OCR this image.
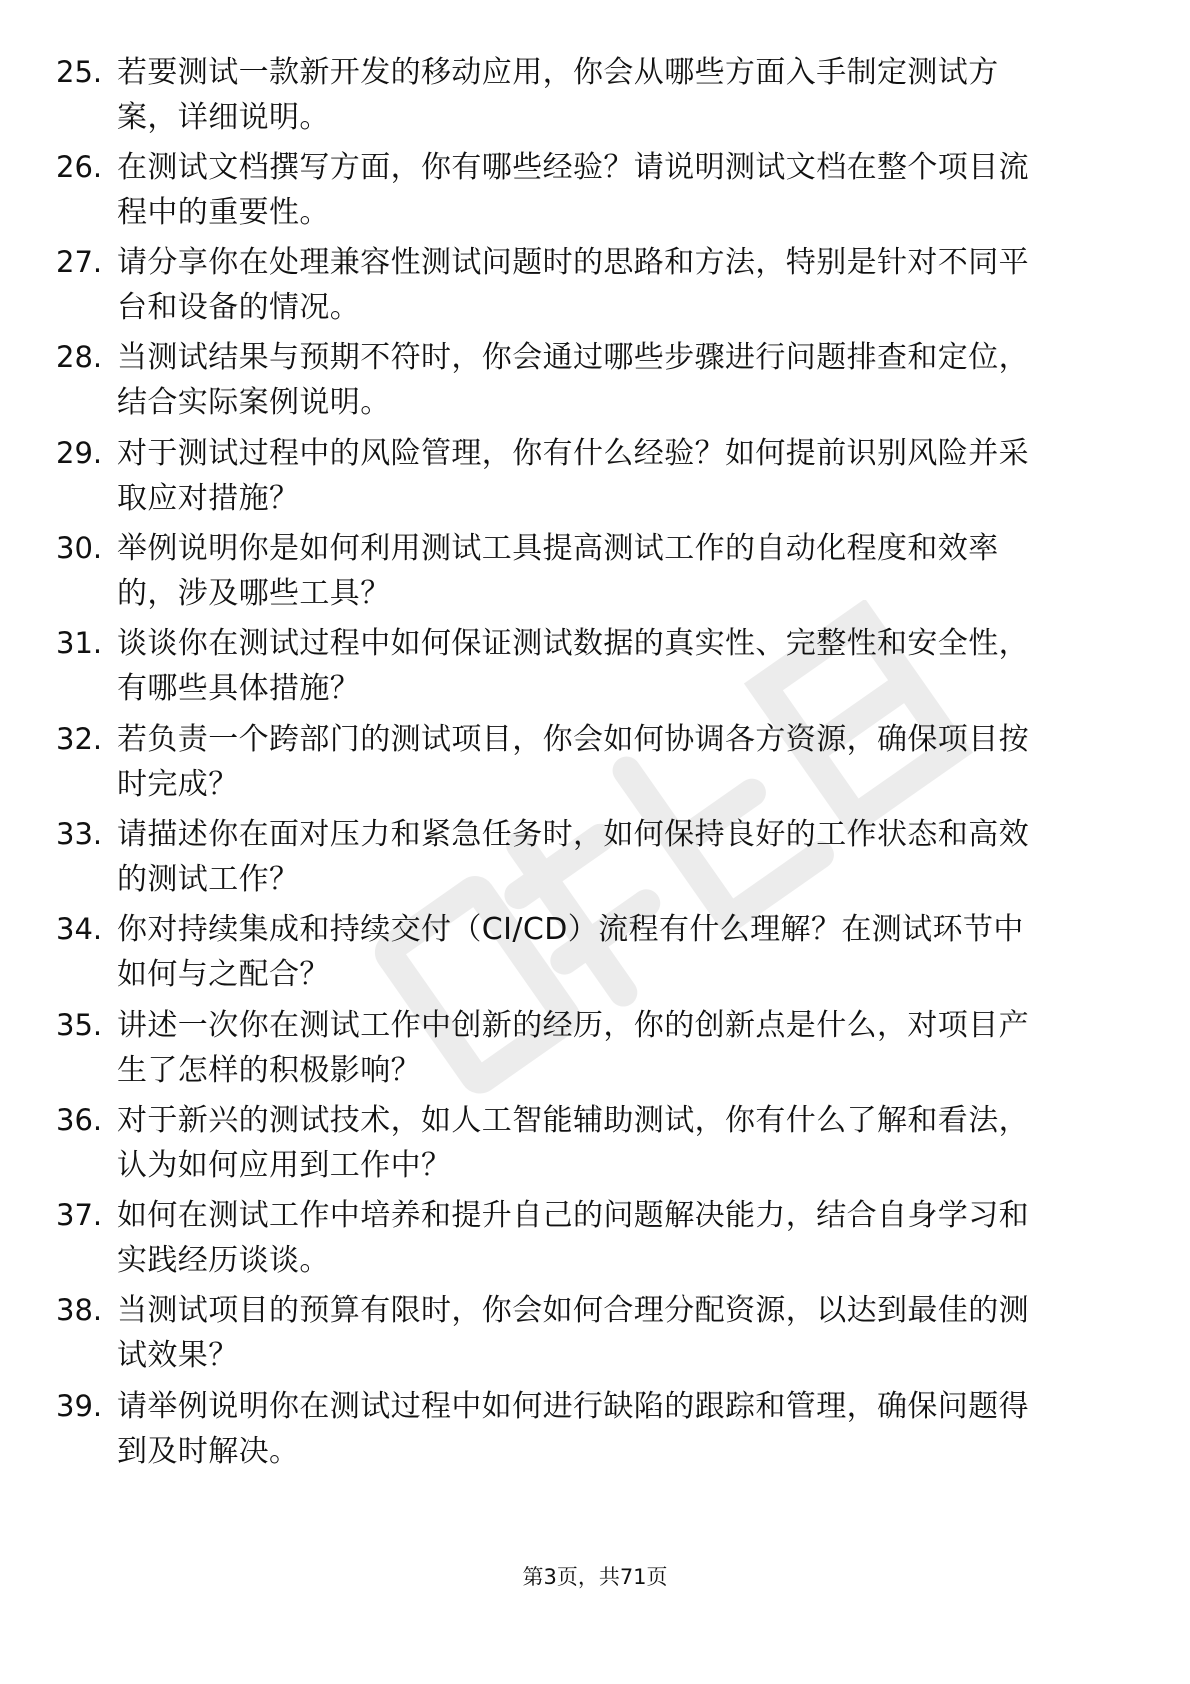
25. 若要测试一款新开发的移动应用，你会从哪些方面入手制定测试方案，详细说明。
26. 在测试文档撰写方面，你有哪些经验？请说明测试文档在整个项目流程中的重要性。
27. 请分享你在处理兼容性测试问题时的思路和方法，特别是针对不同平台和设备的情况。
28. 当测试结果与预期不符时，你会通过哪些步骤进行问题排查和定位，结合实际案例说明。
29. 对于测试过程中的风险管理，你有什么经验？如何提前识别风险并采取应对措施？
30. 举例说明你是如何利用测试工具提高测试工作的自动化程度和效率的，涉及哪些工具？
31. 谈谈你在测试过程中如何保证测试数据的真实性、完整性和安全性，有哪些具体措施？
32. 若负责一个跨部门的测试项目，你会如何协调各方资源，确保项目按时完成？
33. 请描述你在面对压力和紧急任务时，如何保持良好的工作状态和高效的测试工作？
34. 你对持续集成和持续交付（CI/CD）流程有什么理解？在测试环节中如何与之配合？
35. 讲述一次你在测试工作中创新的经历，你的创新点是什么，对项目产生了怎样的积极影响？
36. 对于新兴的测试技术，如人工智能辅助测试，你有什么了解和看法，认为如何应用到工作中？
37. 如何在测试工作中培养和提升自己的问题解决能力，结合自身学习和实践经历谈谈。
38. 当测试项目的预算有限时，你会如何合理分配资源，以达到最佳的测试效果？
39. 请举例说明你在测试过程中如何进行缺陷的跟踪和管理，确保问题得到及时解决。
第3页，共71页
